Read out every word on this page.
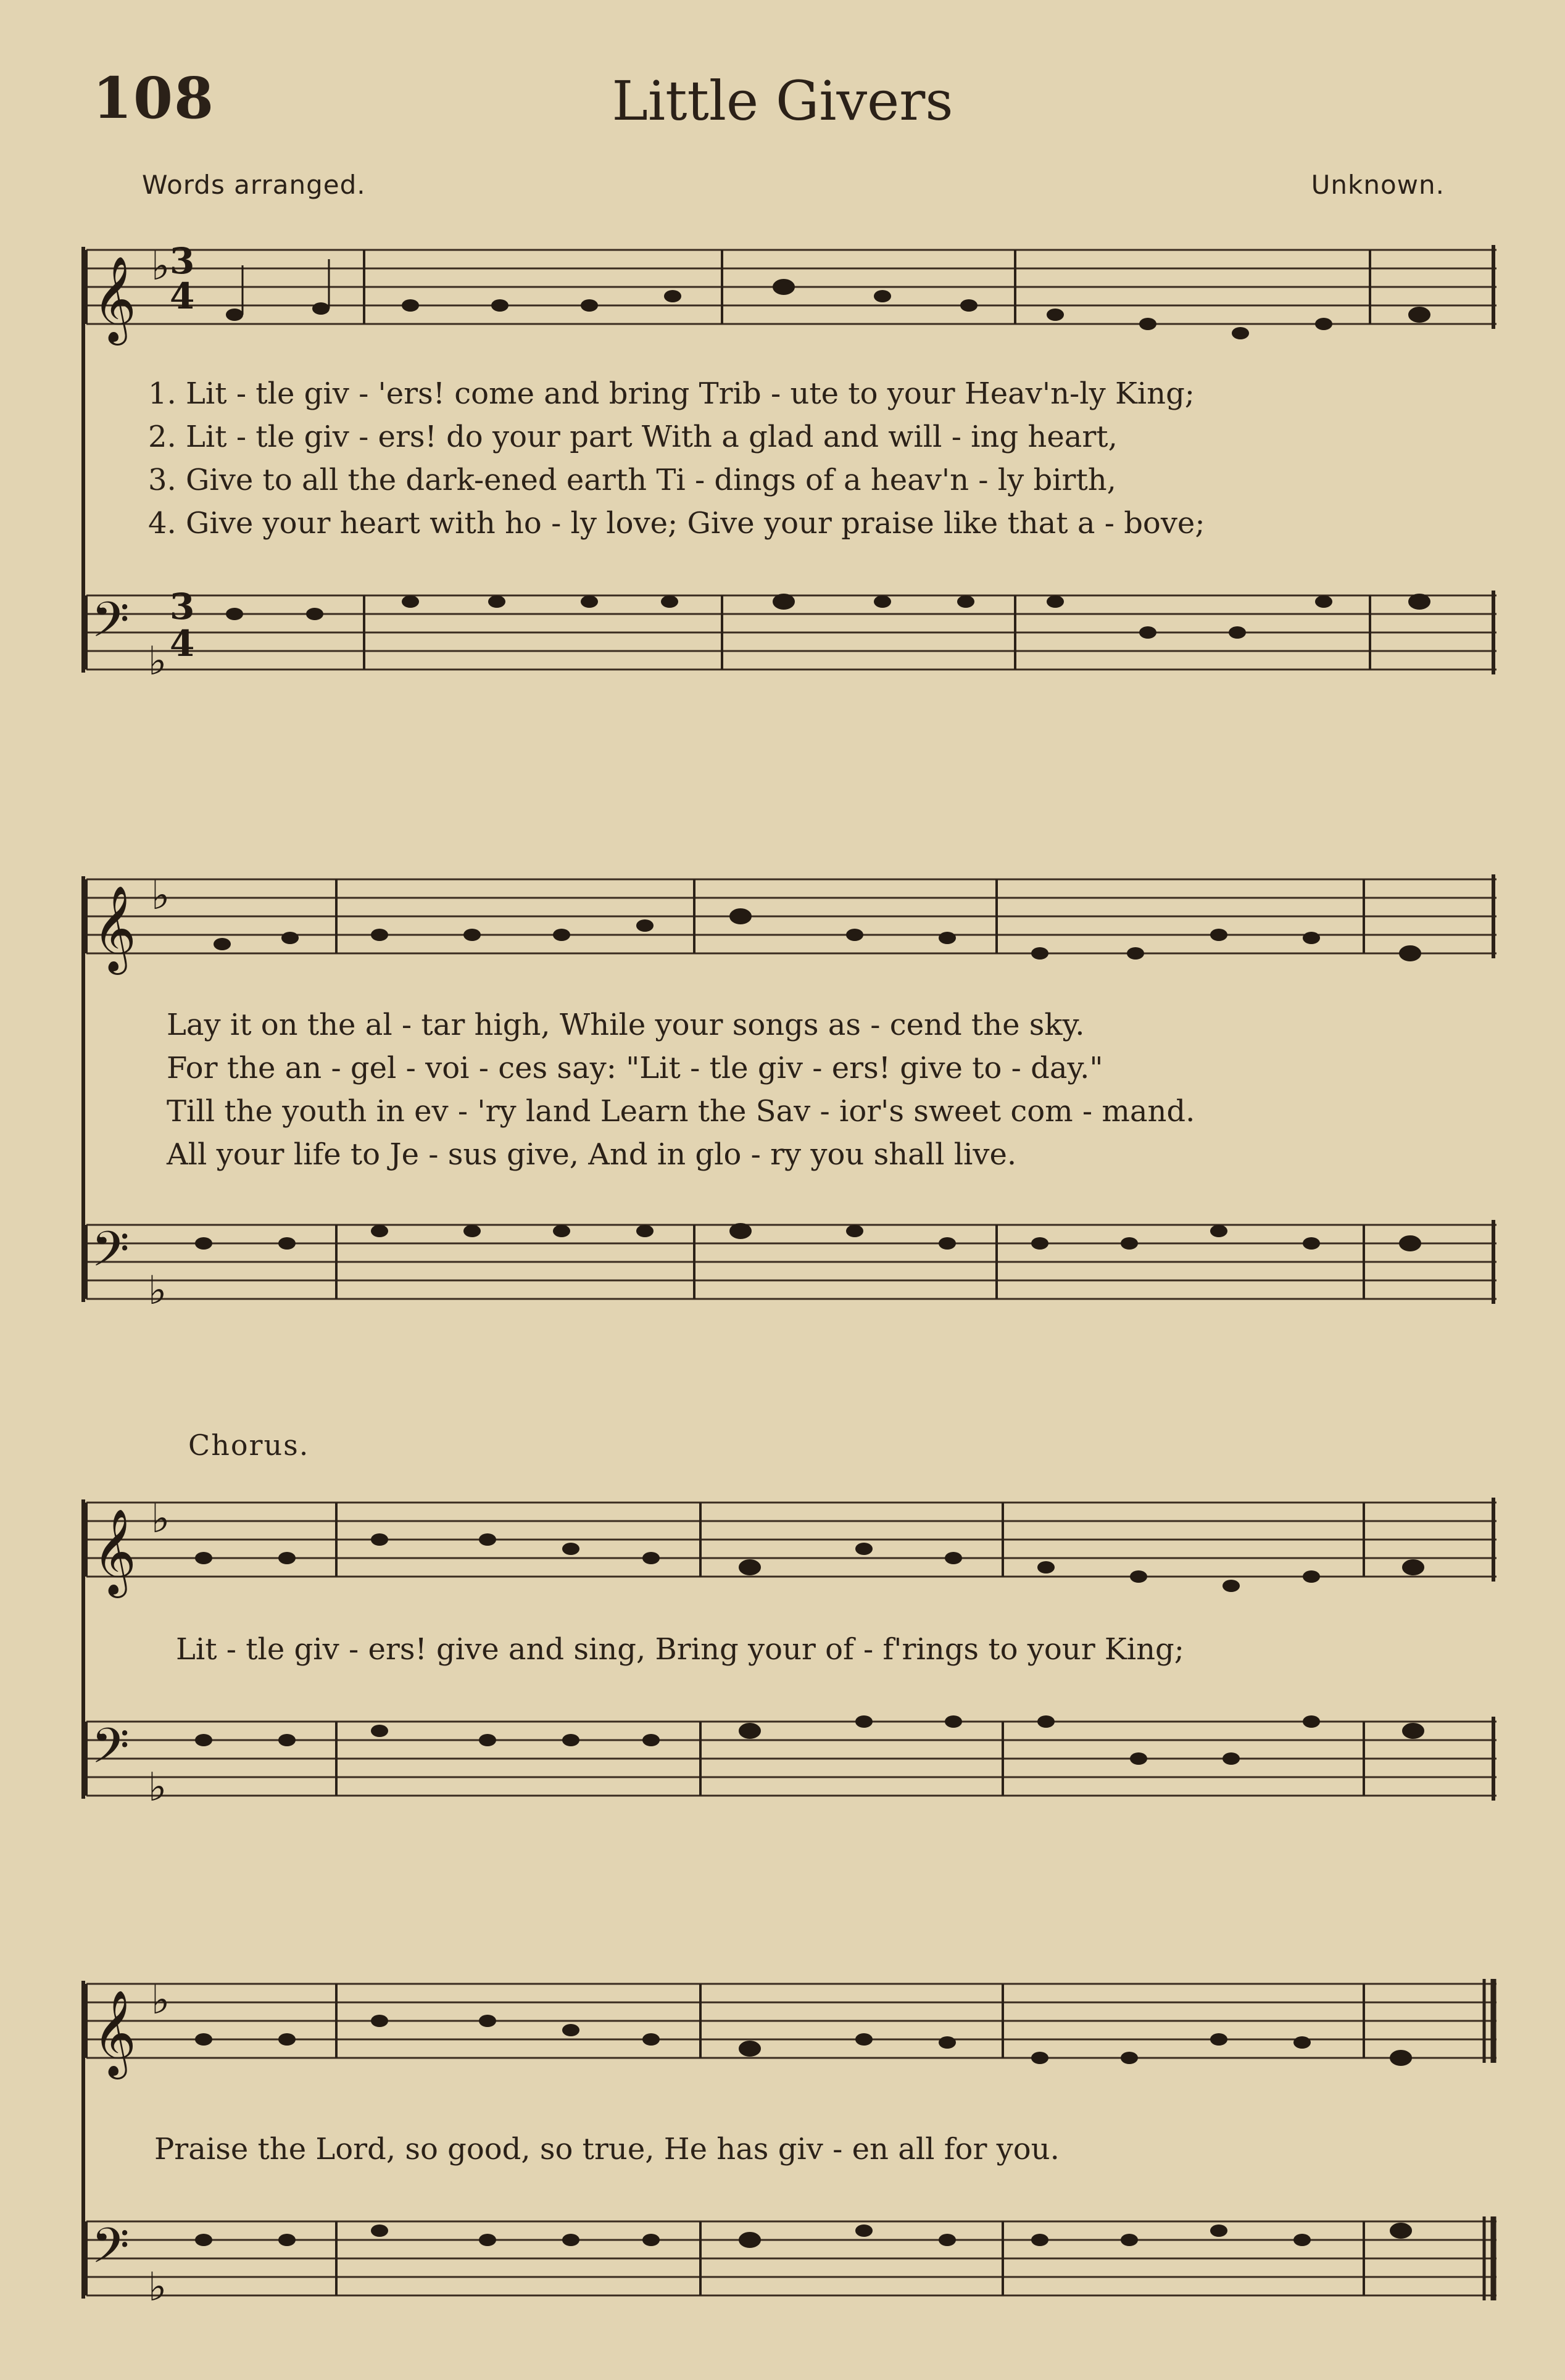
108	Little Givers
Words arranged.	Unknown.
𝄞 ♭ 3
4
𝄢
♭
3
4
1. Lit - tle giv - 'ers! come and bring Trib - ute to your Heav'n-ly King;
2. Lit - tle giv - ers! do your part With a glad and will - ing heart,
3. Give to all the dark-ened earth Ti - dings of a heav'n - ly birth,
4. Give your heart with ho - ly love; Give your praise like that a - bove;
𝄞 ♭
𝄢
♭
Lay it on the al - tar high, While your songs as - cend the sky.
For the an - gel - voi - ces say: "Lit - tle giv - ers! give to - day."
Till the youth in ev - 'ry land Learn the Sav - ior's sweet com - mand.
All your life to Je - sus give, And in glo - ry you shall live.
Chorus.
𝄞 ♭
𝄢
♭
Lit - tle giv - ers! give and sing, Bring your of - f'rings to your King;
𝄞 ♭
𝄢
♭
Praise the Lord, so good, so true, He has giv - en all for you.
